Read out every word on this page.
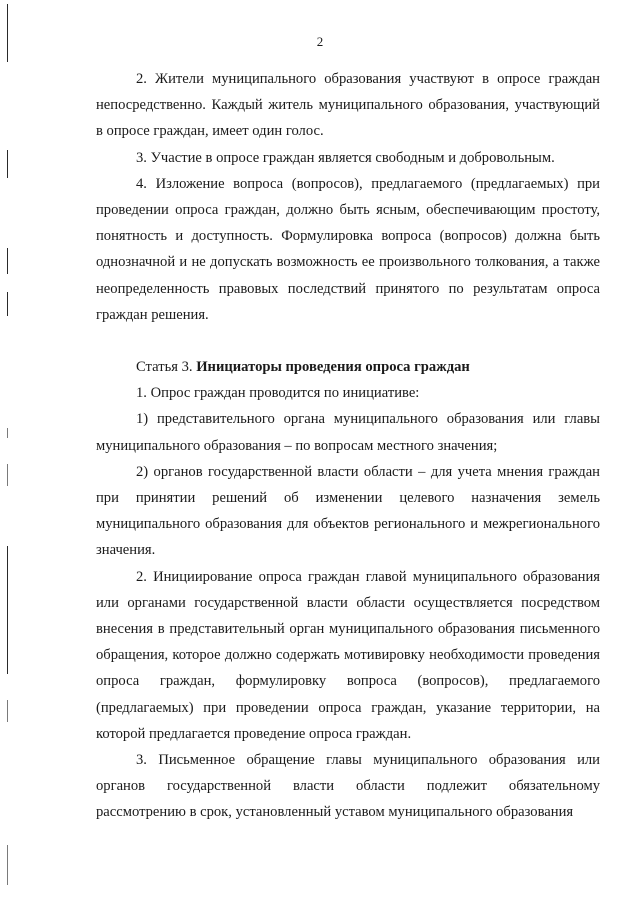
2

2. Жители муниципального образования участвуют в опросе граждан непосредственно. Каждый житель муниципального образования, участвующий в опросе граждан, имеет один голос.

3. Участие в опросе граждан является свободным и добровольным.

4. Изложение вопроса (вопросов), предлагаемого (предлагаемых) при проведении опроса граждан, должно быть ясным, обеспечивающим простоту, понятность и доступность. Формулировка вопроса (вопросов) должна быть однозначной и не допускать возможность ее произвольного толкования, а также неопределенность правовых последствий принятого по результатам опроса граждан решения.

Статья 3. Инициаторы проведения опроса граждан

1. Опрос граждан проводится по инициативе:

1) представительного органа муниципального образования или главы муниципального образования – по вопросам местного значения;

2) органов государственной власти области – для учета мнения граждан при принятии решений об изменении целевого назначения земель муниципального образования для объектов регионального и межрегионального значения.

2. Инициирование опроса граждан главой муниципального образования или органами государственной власти области осуществляется посредством внесения в представительный орган муниципального образования письменного обращения, которое должно содержать мотивировку необходимости проведения опроса граждан, формулировку вопроса (вопросов), предлагаемого (предлагаемых) при проведении опроса граждан, указание территории, на которой предлагается проведение опроса граждан.

3. Письменное обращение главы муниципального образования или органов государственной власти области подлежит обязательному рассмотрению в срок, установленный уставом муниципального образования
